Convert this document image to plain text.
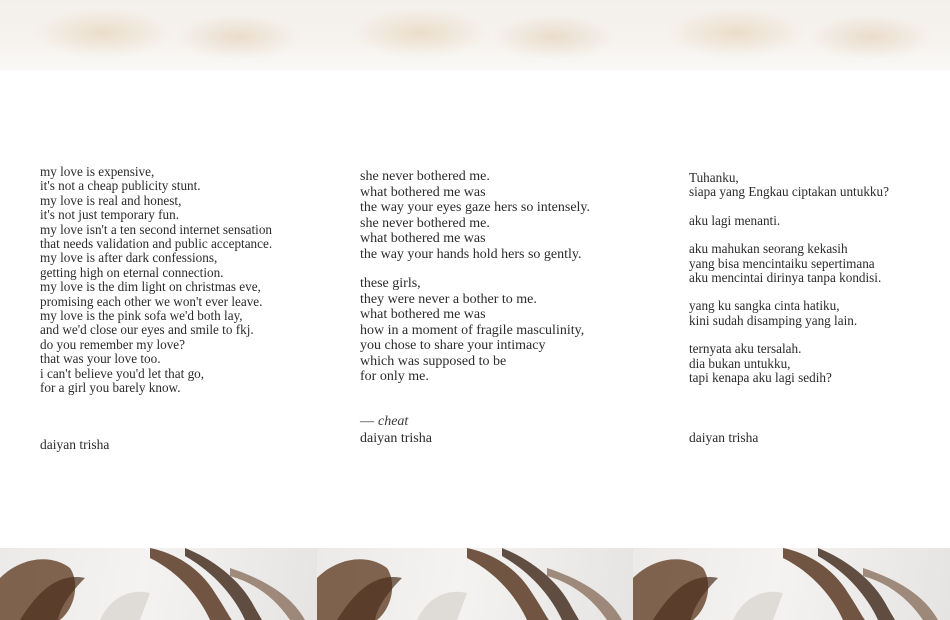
my love is expensive,
it's not a cheap publicity stunt.
my love is real and honest,
it's not just temporary fun.
my love isn't a ten second internet sensation
that needs validation and public acceptance.
my love is after dark confessions,
getting high on eternal connection.
my love is the dim light on christmas eve,
promising each other we won't ever leave.
my love is the pink sofa we'd both lay,
and we'd close our eyes and smile to fkj.
do you remember my love?
that was your love too.
i can't believe you'd let that go,
for a girl you barely know.
daiyan trisha
she never bothered me.
what bothered me was
the way your eyes gaze hers so intensely.
she never bothered me.
what bothered me was
the way your hands hold hers so gently.
these girls,
they were never a bother to me.
what bothered me was
how in a moment of fragile masculinity,
you chose to share your intimacy
which was supposed to be
for only me.
— cheat
daiyan trisha
Tuhanku,
siapa yang Engkau ciptakan untukku?
aku lagi menanti.
aku mahukan seorang kekasih
yang bisa mencintaiku sepertimana
aku mencintai dirinya tanpa kondisi.
yang ku sangka cinta hatiku,
kini sudah disamping yang lain.
ternyata aku tersalah.
dia bukan untukku,
tapi kenapa aku lagi sedih?
daiyan trisha
